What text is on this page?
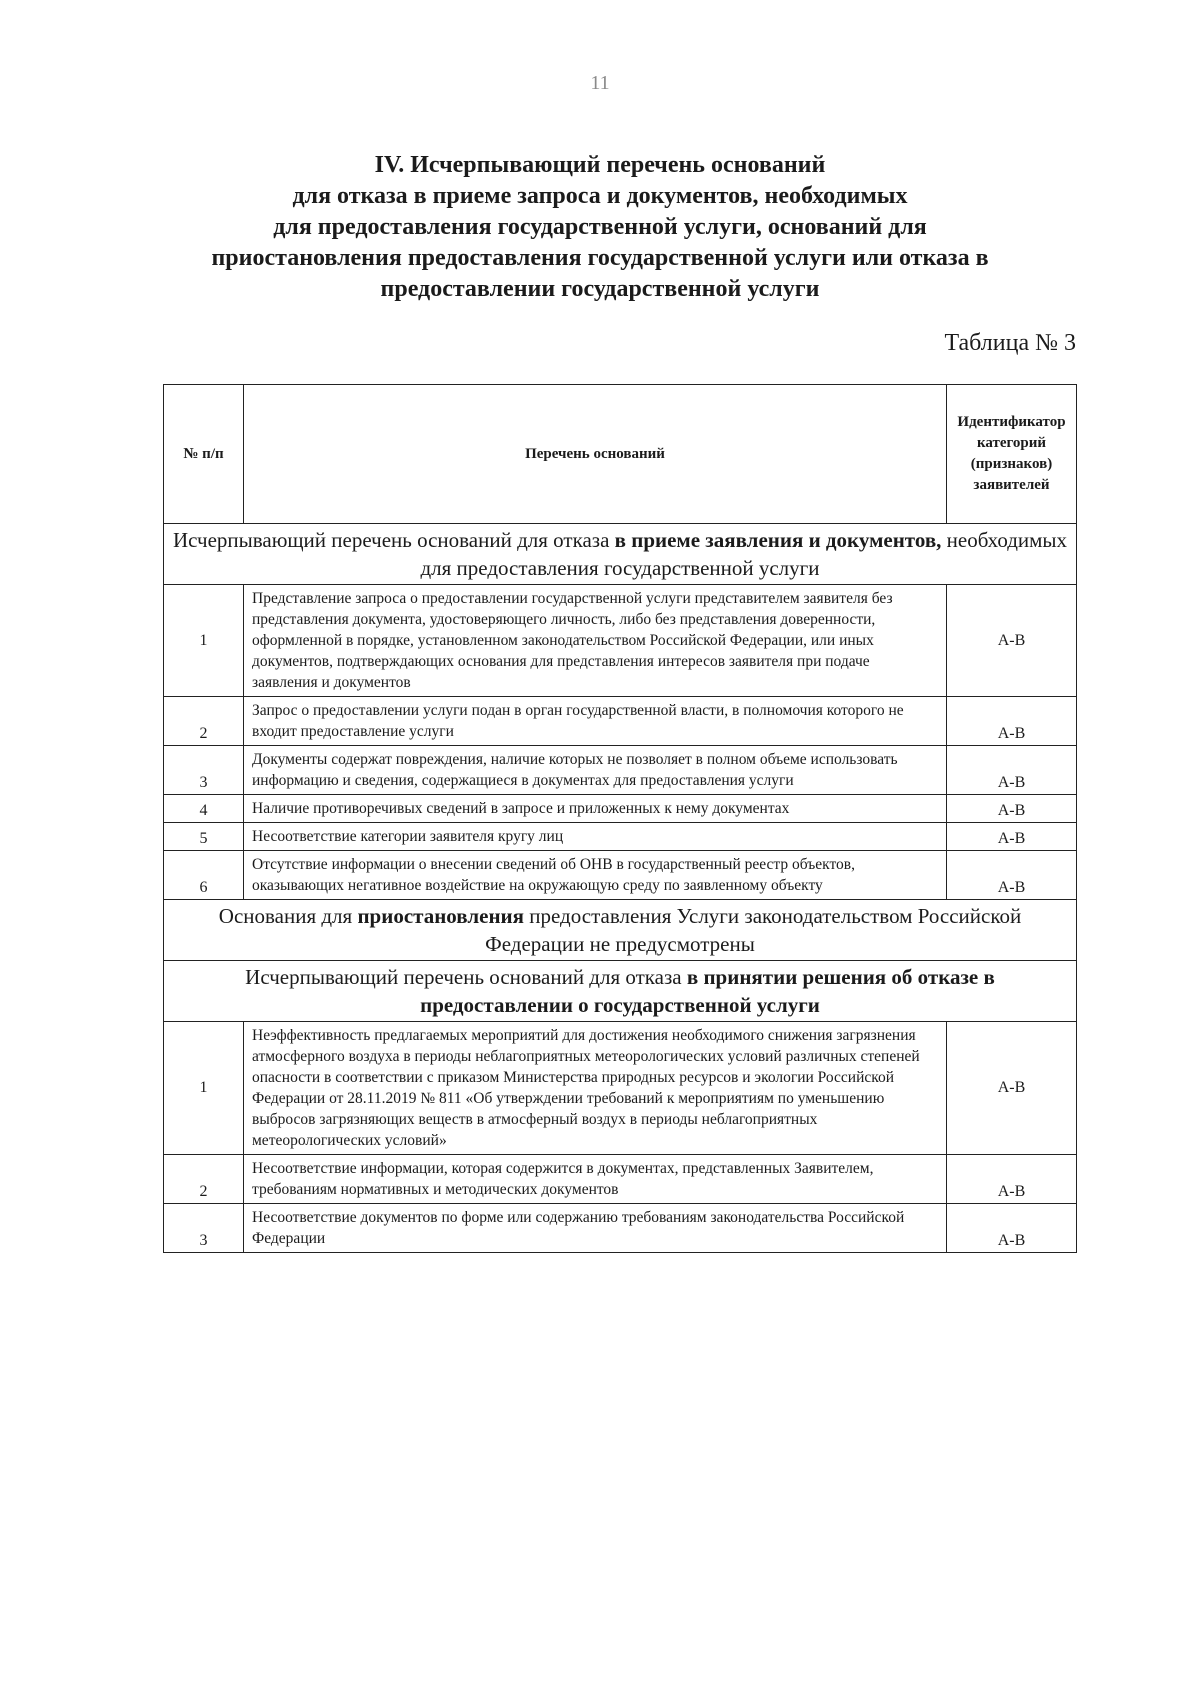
11
IV. Исчерпывающий перечень оснований
для отказа в приеме запроса и документов, необходимых
для предоставления государственной услуги, оснований для
приостановления предоставления государственной услуги или отказа в
предоставлении государственной услуги
Таблица № 3
№ п/п	Перечень оснований	Идентификатор категорий (признаков) заявителей
Исчерпывающий перечень оснований для отказа в приеме заявления и документов, необходимых для предоставления государственной услуги		
1	Представление запроса о предоставлении государственной услуги представителем заявителя без представления документа, удостоверяющего личность, либо без представления доверенности, оформленной в порядке, установленном законодательством Российской Федерации, или иных документов, подтверждающих основания для представления интересов заявителя при подаче заявления и документов	А-В
2	Запрос о предоставлении услуги подан в орган государственной власти, в полномочия которого не входит предоставление услуги	А-В
3	Документы содержат повреждения, наличие которых не позволяет в полном объеме использовать информацию и сведения, содержащиеся в документах для предоставления услуги	А-В
4	Наличие противоречивых сведений в запросе и приложенных к нему документах	А-В
5	Несоответствие категории заявителя кругу лиц	А-В
6	Отсутствие информации о внесении сведений об ОНВ в государственный реестр объектов, оказывающих негативное воздействие на окружающую среду по заявленному объекту	А-В
Основания для приостановления предоставления Услуги законодательством Российской Федерации не предусмотрены		
Исчерпывающий перечень оснований для отказа в принятии решения об отказе в предоставлении о государственной услуги		
1	Неэффективность предлагаемых мероприятий для достижения необходимого снижения загрязнения атмосферного воздуха в периоды неблагоприятных метеорологических условий различных степеней опасности в соответствии с приказом Министерства природных ресурсов и экологии Российской Федерации от 28.11.2019 № 811 «Об утверждении требований к мероприятиям по уменьшению выбросов загрязняющих веществ в атмосферный воздух в периоды неблагоприятных метеорологических условий»	А-В
2	Несоответствие информации, которая содержится в документах, представленных Заявителем, требованиям нормативных и методических документов	А-В
3	Несоответствие документов по форме или содержанию требованиям законодательства Российской Федерации	А-В
